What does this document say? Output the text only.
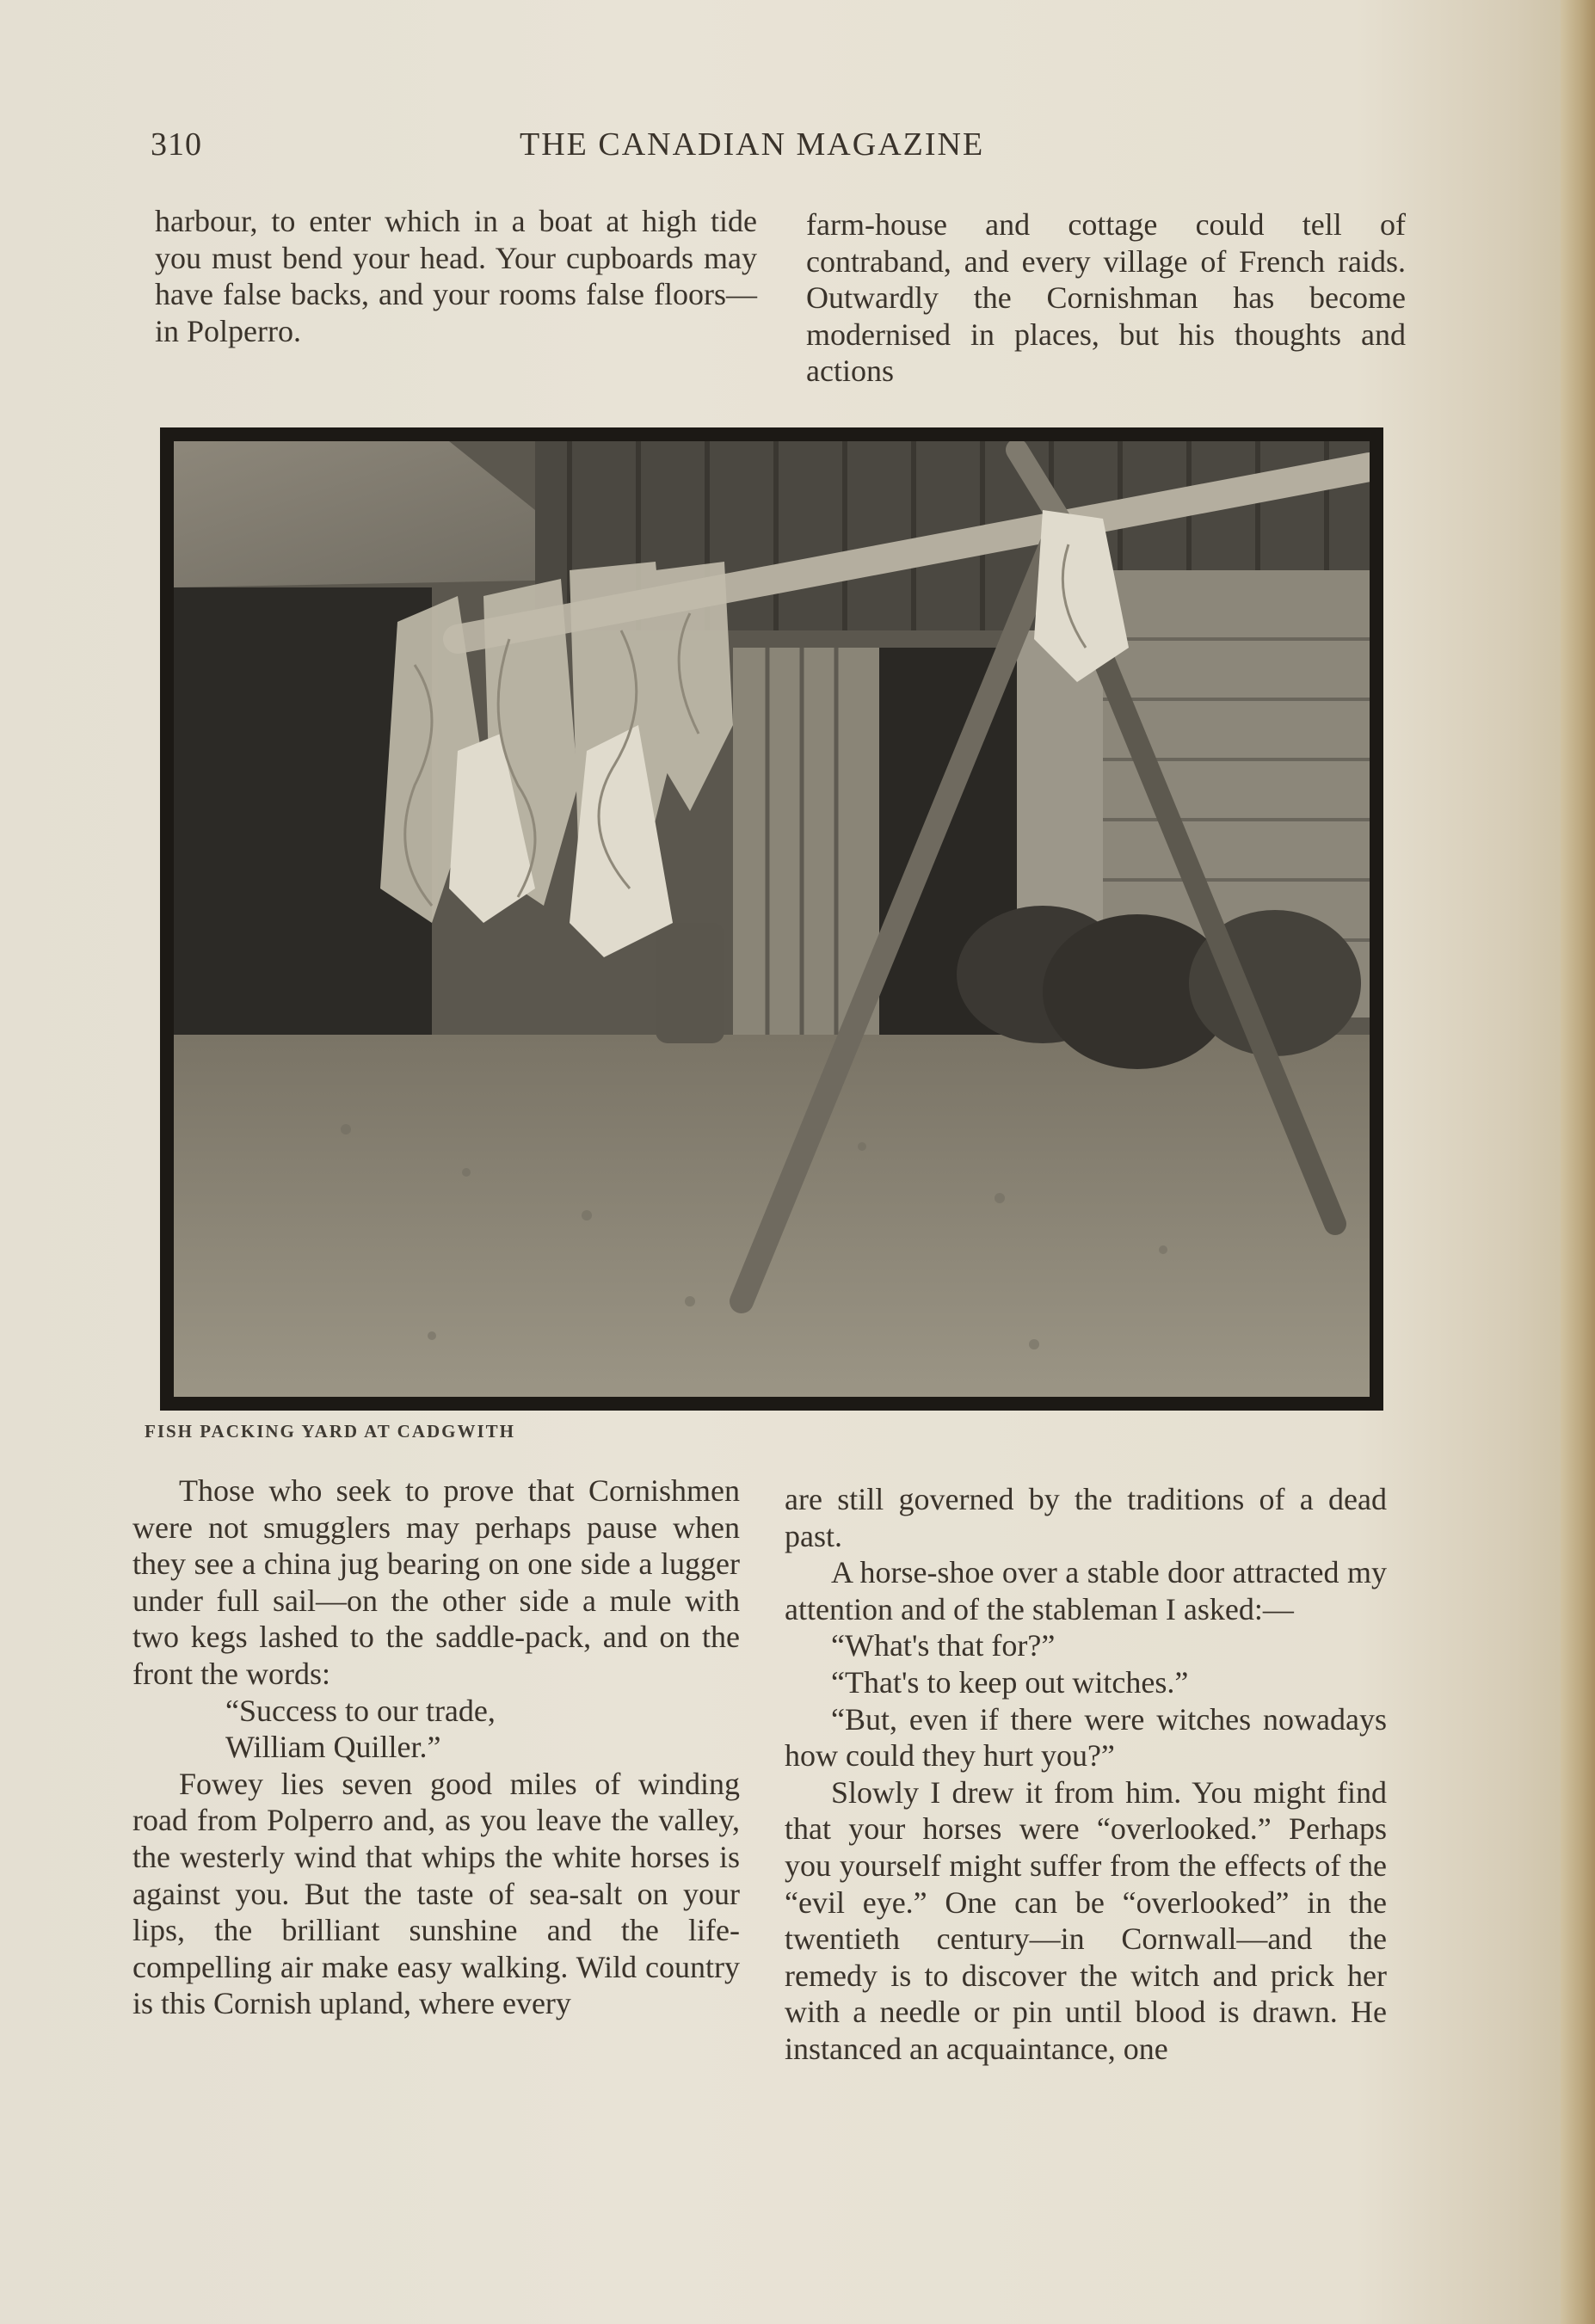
310	THE CANADIAN MAGAZINE

harbour, to enter which in a boat at high tide you must bend your head. Your cupboards may have false backs, and your rooms false floors—in Polperro.

farm-house and cottage could tell of contraband, and every village of French raids. Outwardly the Cornishman has become modernised in places, but his thoughts and actions

FISH PACKING YARD AT CADGWITH

Those who seek to prove that Cornishmen were not smugglers may perhaps pause when they see a china jug bearing on one side a lugger under full sail—on the other side a mule with two kegs lashed to the saddle-pack, and on the front the words:

“Success to our trade,

William Quiller.”

Fowey lies seven good miles of winding road from Polperro and, as you leave the valley, the westerly wind that whips the white horses is against you. But the taste of sea-salt on your lips, the brilliant sunshine and the life-compelling air make easy walking. Wild country is this Cornish upland, where every

are still governed by the traditions of a dead past.

A horse-shoe over a stable door attracted my attention and of the stableman I asked:—

“What's that for?”

“That's to keep out witches.”

“But, even if there were witches nowadays how could they hurt you?”

Slowly I drew it from him. You might find that your horses were “overlooked.” Perhaps you yourself might suffer from the effects of the “evil eye.” One can be “overlooked” in the twentieth century—in Cornwall—and the remedy is to discover the witch and prick her with a needle or pin until blood is drawn. He instanced an acquaintance, one
